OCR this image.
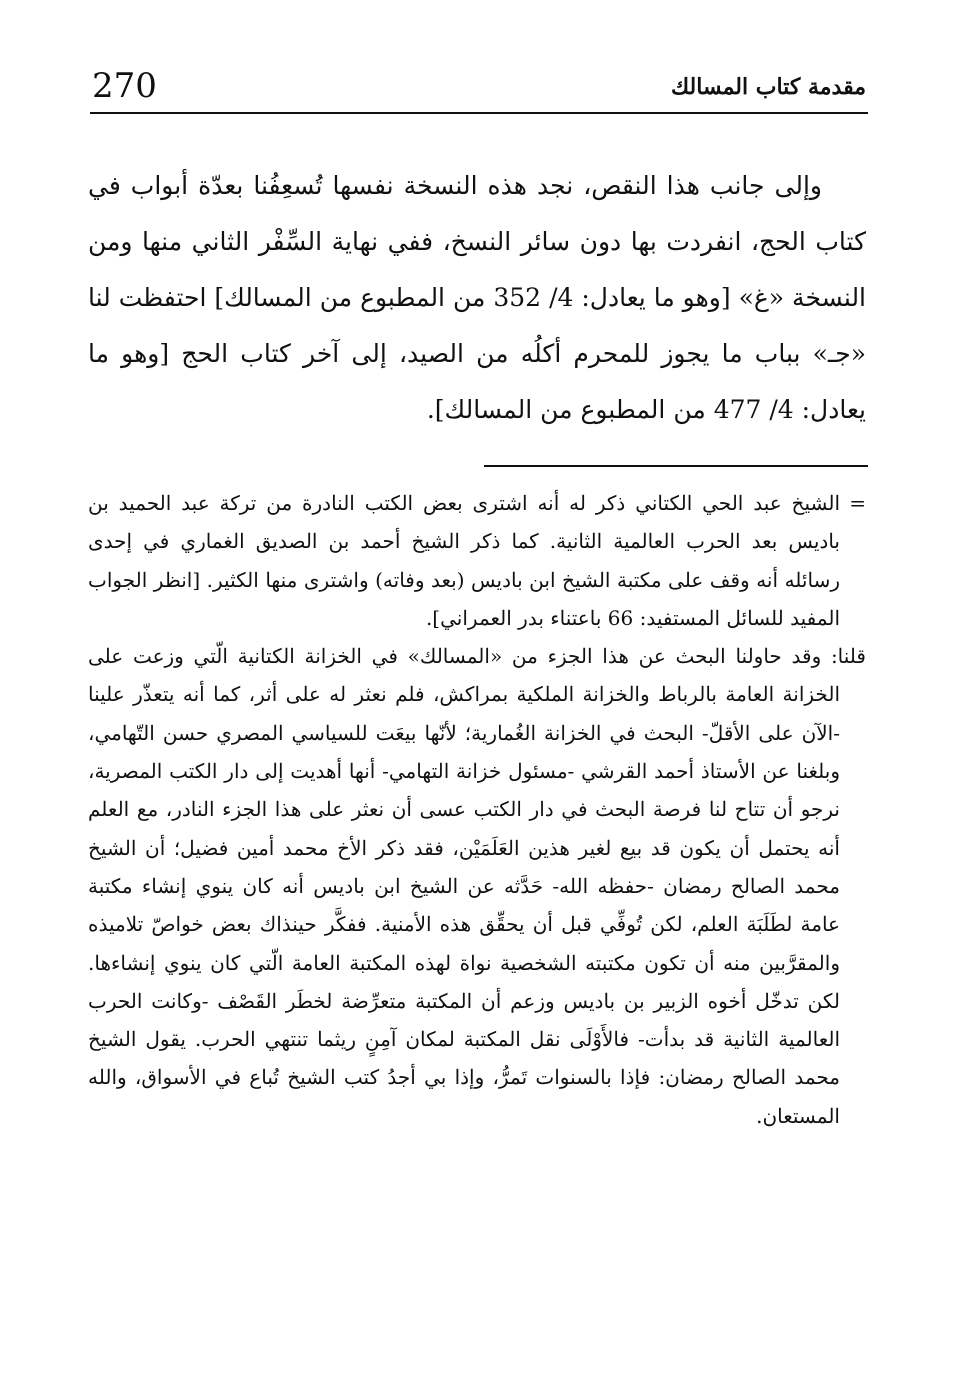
270	مقدمة كتاب المسالك

وإلى جانب هذا النقص، نجد هذه النسخة نفسها تُسعِفُنا بعدّة أبواب في كتاب الحج، انفردت بها دون سائر النسخ، ففي نهاية السِّفْر الثاني منها ومن النسخة «غ» [وهو ما يعادل: 4/ 352 من المطبوع من المسالك] احتفظت لنا «جـ» بباب ما يجوز للمحرم أكلُه من الصيد، إلى آخر كتاب الحج [وهو ما يعادل: 4/ 477 من المطبوع من المسالك].

=
الشيخ عبد الحي الكتاني ذكر له أنه اشترى بعض الكتب النادرة من تركة عبد الحميد بن باديس بعد الحرب العالمية الثانية. كما ذكر الشيخ أحمد بن الصديق الغماري في إحدى رسائله أنه وقف على مكتبة الشيخ ابن باديس (بعد وفاته) واشترى منها الكثير. [انظر الجواب المفيد للسائل المستفيد: 66 باعتناء بدر العمراني].

قلنا: وقد حاولنا البحث عن هذا الجزء من «المسالك» في الخزانة الكتانية الّتي وزعت على الخزانة العامة بالرباط والخزانة الملكية بمراكش، فلم نعثر له على أثر، كما أنه يتعذّر علينا -الآن على الأقلّ- البحث في الخزانة الغُمارية؛ لأنّها بيعَت للسياسي المصري حسن التّهامي، وبلغنا عن الأستاذ أحمد القرشي -مسئول خزانة التهامي- أنها أهديت إلى دار الكتب المصرية، نرجو أن تتاح لنا فرصة البحث في دار الكتب عسى أن نعثر على هذا الجزء النادر، مع العلم أنه يحتمل أن يكون قد بيع لغير هذين العَلَمَيْن، فقد ذكر الأخ محمد أمين فضيل؛ أن الشيخ محمد الصالح رمضان -حفظه الله- حَدَّثه عن الشيخ ابن باديس أنه كان ينوي إنشاء مكتبة عامة لطَلَبَة العلم، لكن تُوفِّي قبل أن يحقِّق هذه الأمنية. ففكَّر حينذاك بعض خواصّ تلاميذه والمقرَّبين منه أن تكون مكتبته الشخصية نواة لهذه المكتبة العامة الّتي كان ينوي إنشاءها. لكن تدخّل أخوه الزبير بن باديس وزعم أن المكتبة متعرِّضة لخطَر القَصْف -وكانت الحرب العالمية الثانية قد بدأت- فالأَوْلَى نقل المكتبة لمكان آمِنٍ ريثما تنتهي الحرب. يقول الشيخ محمد الصالح رمضان: فإذا بالسنوات تَمرُّ، وإذا بي أجدُ كتب الشيخ تُباع في الأسواق، والله المستعان.
